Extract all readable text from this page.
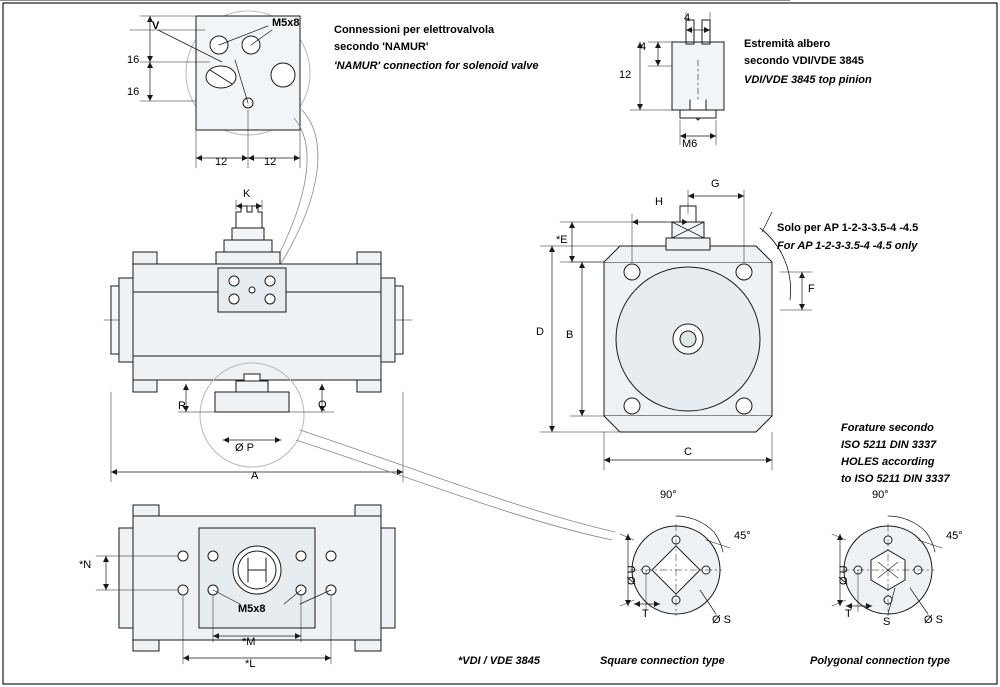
Connessioni per elettrovalvola
secondo 'NAMUR'
'NAMUR' connection for solenoid valve
M5x8
V
16
16
12	12
Estremità albero
secondo VDI/VDE 3845
VDI/VDE 3845 top pinion
4
4
12
M6
K
R	Q
Ø P
A
*N
M5x8
*M
*L
G
H
*E
F
D B
C
Solo per AP 1-2-3-3.5-4 -4.5
For AP 1-2-3-3.5-4 -4.5 only
Forature secondo
ISO 5211 DIN 3337
HOLES according
to ISO 5211 DIN 3337
90°
45°
Ø U
T	Ø S
Square connection type
90°
45°
Ø U
T
S	Ø S
Polygonal connection type
*VDI / VDE 3845
